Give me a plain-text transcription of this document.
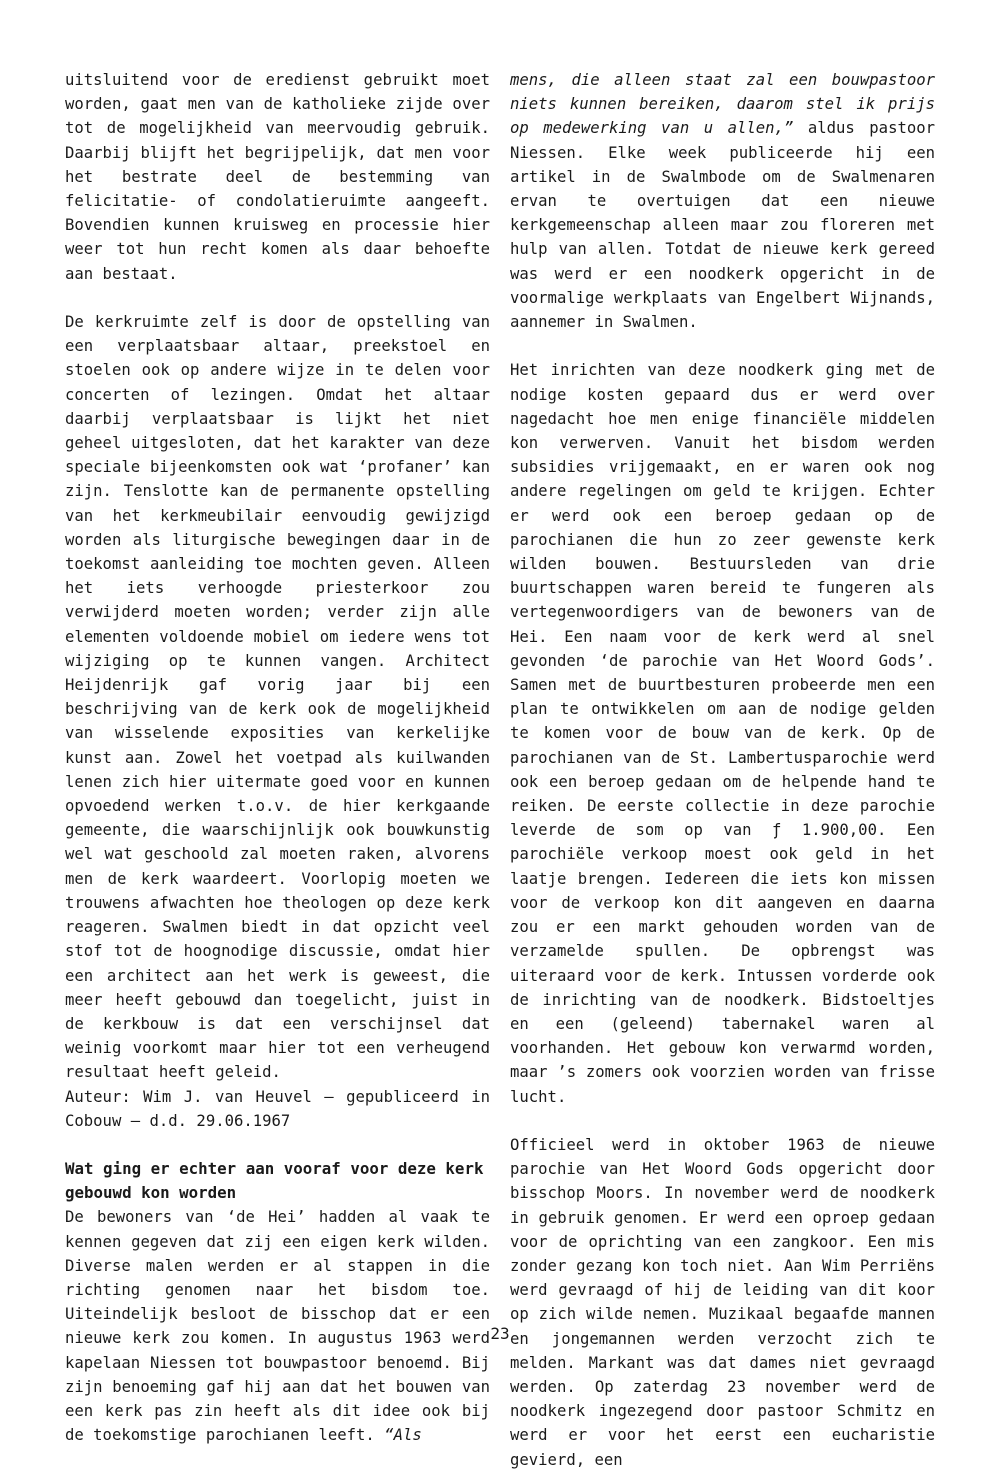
uitsluitend voor de eredienst gebruikt moet worden, gaat men van de katholieke zijde over tot de mogelijkheid van meervoudig gebruik. Daarbij blijft het begrijpelijk, dat men voor het bestrate deel de bestemming van felicitatie- of condolatieruimte aangeeft. Bovendien kunnen kruisweg en processie hier weer tot hun recht komen als daar behoefte aan bestaat.

De kerkruimte zelf is door de opstelling van een verplaatsbaar altaar, preekstoel en stoelen ook op andere wijze in te delen voor concerten of lezingen. Omdat het altaar daarbij verplaatsbaar is lijkt het niet geheel uitgesloten, dat het karakter van deze speciale bijeenkomsten ook wat ‘profaner’ kan zijn. Tenslotte kan de permanente opstelling van het kerkmeubilair eenvoudig gewijzigd worden als liturgische bewegingen daar in de toekomst aanleiding toe mochten geven. Alleen het iets verhoogde priesterkoor zou verwijderd moeten worden; verder zijn alle elementen voldoende mobiel om iedere wens tot wijziging op te kunnen vangen. Architect Heijdenrijk gaf vorig jaar bij een beschrijving van de kerk ook de mogelijkheid van wisselende exposities van kerkelijke kunst aan. Zowel het voetpad als kuilwanden lenen zich hier uitermate goed voor en kunnen opvoedend werken t.o.v. de hier kerkgaande gemeente, die waarschijnlijk ook bouwkunstig wel wat geschoold zal moeten raken, alvorens men de kerk waardeert. Voorlopig moeten we trouwens afwachten hoe theologen op deze kerk reageren. Swalmen biedt in dat opzicht veel stof tot de hoognodige discussie, omdat hier een architect aan het werk is geweest, die meer heeft gebouwd dan toegelicht, juist in de kerkbouw is dat een verschijnsel dat weinig voorkomt maar hier tot een verheugend resultaat heeft geleid.

Auteur: Wim J. van Heuvel – gepubliceerd in Cobouw – d.d. 29.06.1967

Wat ging er echter aan vooraf voor deze kerk gebouwd kon worden

De bewoners van ‘de Hei’ hadden al vaak te kennen gegeven dat zij een eigen kerk wilden. Diverse malen werden er al stappen in die richting genomen naar het bisdom toe. Uiteindelijk besloot de bisschop dat er een nieuwe kerk zou komen. In augustus 1963 werd kapelaan Niessen tot bouwpastoor benoemd. Bij zijn benoeming gaf hij aan dat het bouwen van een kerk pas zin heeft als dit idee ook bij de toekomstige parochianen leeft. “Als

mens, die alleen staat zal een bouwpastoor niets kunnen bereiken, daarom stel ik prijs op medewerking van u allen,” aldus pastoor Niessen. Elke week publiceerde hij een artikel in de Swalmbode om de Swalmenaren ervan te overtuigen dat een nieuwe kerkgemeenschap alleen maar zou floreren met hulp van allen. Totdat de nieuwe kerk gereed was werd er een noodkerk opgericht in de voormalige werkplaats van Engelbert Wijnands, aannemer in Swalmen.

Het inrichten van deze noodkerk ging met de nodige kosten gepaard dus er werd over nagedacht hoe men enige financiële middelen kon verwerven. Vanuit het bisdom werden subsidies vrijgemaakt, en er waren ook nog andere regelingen om geld te krijgen. Echter er werd ook een beroep gedaan op de parochianen die hun zo zeer gewenste kerk wilden bouwen. Bestuursleden van drie buurtschappen waren bereid te fungeren als vertegenwoordigers van de bewoners van de Hei. Een naam voor de kerk werd al snel gevonden ‘de parochie van Het Woord Gods’. Samen met de buurtbesturen probeerde men een plan te ontwikkelen om aan de nodige gelden te komen voor de bouw van de kerk. Op de parochianen van de St. Lambertusparochie werd ook een beroep gedaan om de helpende hand te reiken. De eerste collectie in deze parochie leverde de som op van ƒ 1.900,00. Een parochiële verkoop moest ook geld in het laatje brengen. Iedereen die iets kon missen voor de verkoop kon dit aangeven en daarna zou er een markt gehouden worden van de verzamelde spullen. De opbrengst was uiteraard voor de kerk. Intussen vorderde ook de inrichting van de noodkerk. Bidstoeltjes en een (geleend) tabernakel waren al voorhanden. Het gebouw kon verwarmd worden, maar ’s zomers ook voorzien worden van frisse lucht.

Officieel werd in oktober 1963 de nieuwe parochie van Het Woord Gods opgericht door bisschop Moors. In november werd de noodkerk in gebruik genomen. Er werd een oproep gedaan voor de oprichting van een zangkoor. Een mis zonder gezang kon toch niet. Aan Wim Perriëns werd gevraagd of hij de leiding van dit koor op zich wilde nemen. Muzikaal begaafde mannen en jongemannen werden verzocht zich te melden. Markant was dat dames niet gevraagd werden. Op zaterdag 23 november werd de noodkerk ingezegend door pastoor Schmitz en werd er voor het eerst een eucharistie gevierd, een

23
